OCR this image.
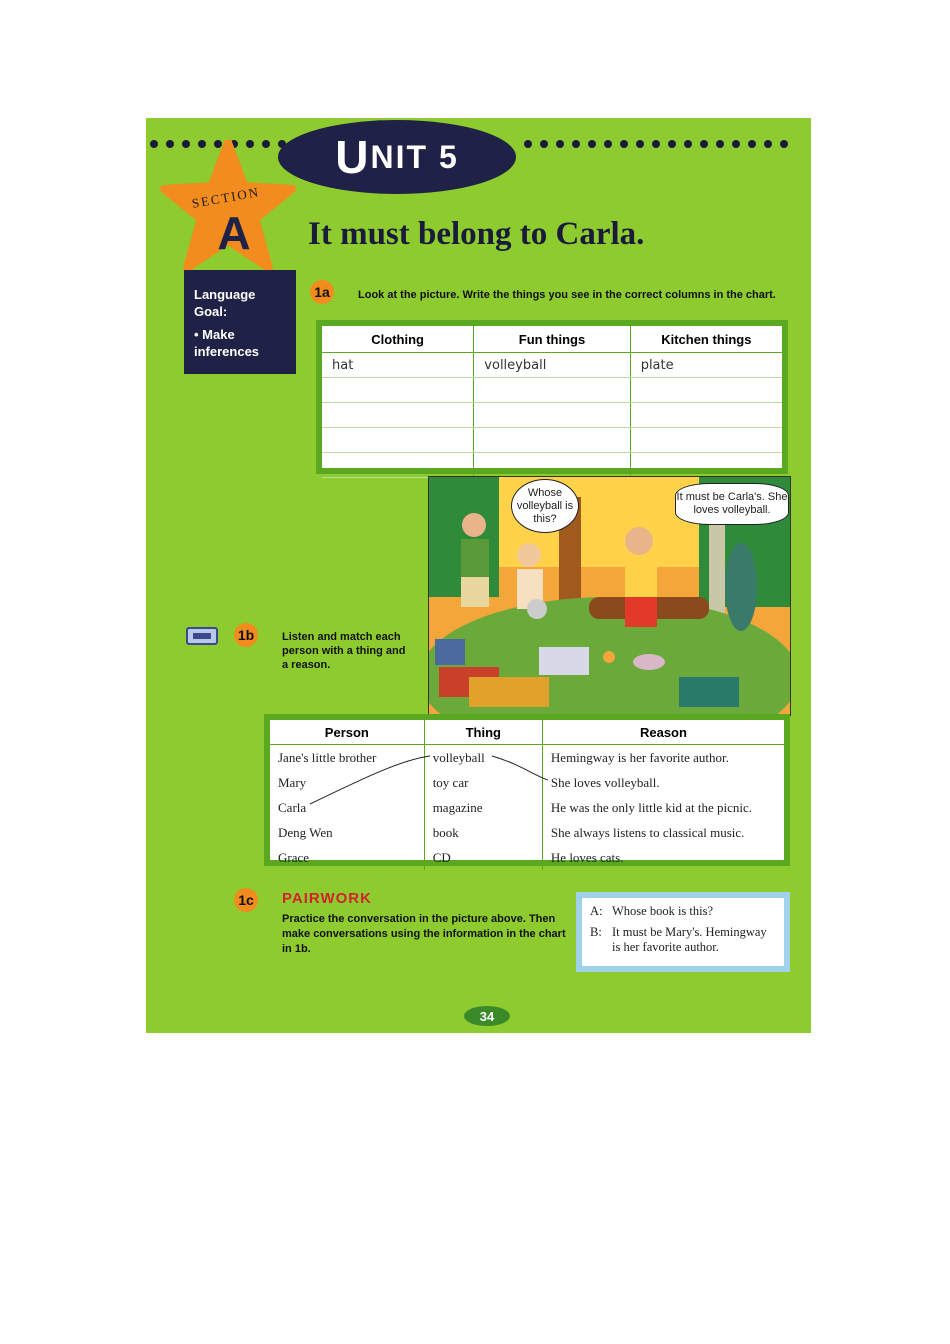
U NIT 5
SECTION
A	It must belong to Carla.
Language Goal:
• Make inferences
1a	Look at the picture. Write the things you see in the correct columns in the chart.
Clothing	Fun things	Kitchen things
hat	volleyball	plate

Whose volleyball is this?
It must be Carla's. She loves volleyball.
1b	Listen and match each person with a thing and a reason.
Person	Thing	Reason
Jane's little brother	volleyball	Hemingway is her favorite author.
Mary	toy car	She loves volleyball.
Carla	magazine	He was the only little kid at the picnic.
Deng Wen	book	She always listens to classical music.
Grace	CD	He loves cats.
1c PAIRWORK
Practice the conversation in the picture above. Then make conversations using the information in the chart in 1b.
A: Whose book is this?
B: It must be Mary's. Hemingway is her favorite author.
34
